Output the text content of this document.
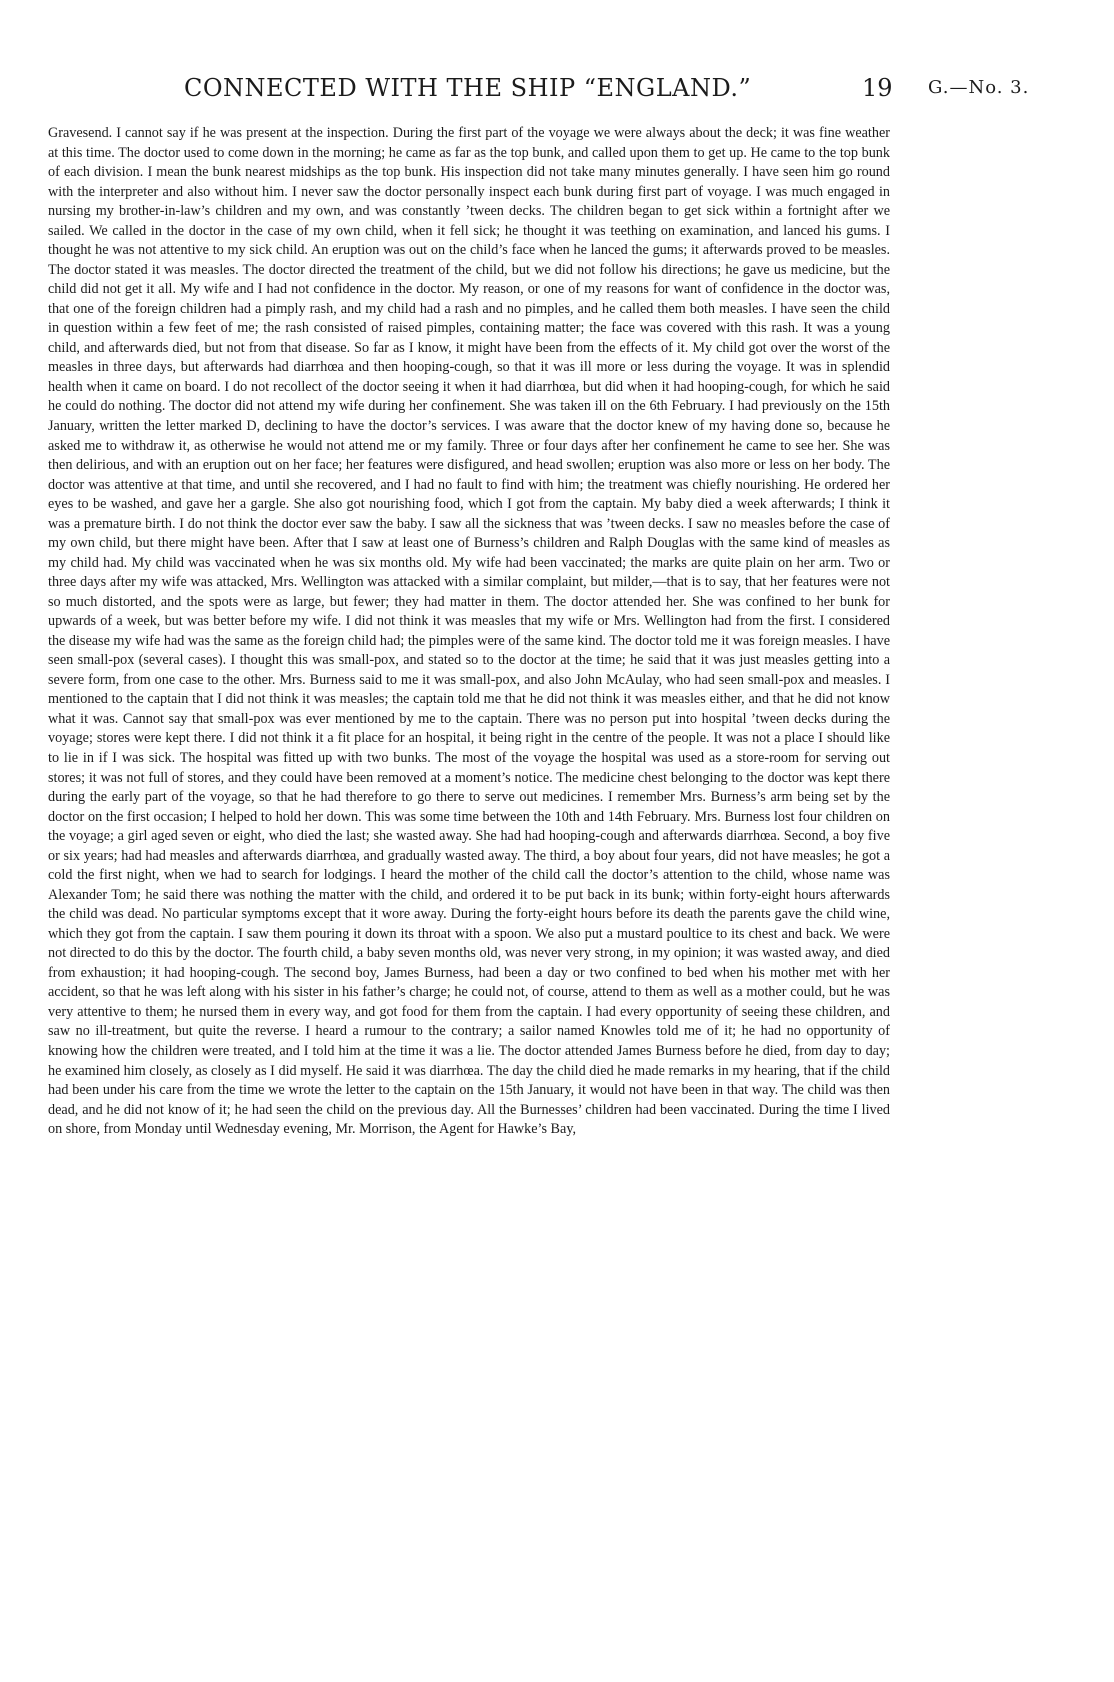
CONNECTED WITH THE SHIP “ENGLAND.”	19 G.—No. 3.

Gravesend. I cannot say if he was present at the inspection. During the first part of the voyage we were always about the deck; it was fine weather at this time. The doctor used to come down in the morning; he came as far as the top bunk, and called upon them to get up. He came to the top bunk of each division. I mean the bunk nearest midships as the top bunk. His inspection did not take many minutes generally. I have seen him go round with the interpreter and also without him. I never saw the doctor personally inspect each bunk during first part of voyage. I was much engaged in nursing my brother-in-law’s children and my own, and was constantly ’tween decks. The children began to get sick within a fortnight after we sailed. We called in the doctor in the case of my own child, when it fell sick; he thought it was teething on examination, and lanced his gums. I thought he was not attentive to my sick child. An eruption was out on the child’s face when he lanced the gums; it afterwards proved to be measles. The doctor stated it was measles. The doctor directed the treatment of the child, but we did not follow his directions; he gave us medicine, but the child did not get it all. My wife and I had not confidence in the doctor. My reason, or one of my reasons for want of confidence in the doctor was, that one of the foreign children had a pimply rash, and my child had a rash and no pimples, and he called them both measles. I have seen the child in question within a few feet of me; the rash consisted of raised pimples, containing matter; the face was covered with this rash. It was a young child, and afterwards died, but not from that disease. So far as I know, it might have been from the effects of it. My child got over the worst of the measles in three days, but afterwards had diarrhœa and then hooping-cough, so that it was ill more or less during the voyage. It was in splendid health when it came on board. I do not recollect of the doctor seeing it when it had diarrhœa, but did when it had hooping-cough, for which he said he could do nothing. The doctor did not attend my wife during her confinement. She was taken ill on the 6th February. I had previously on the 15th January, written the letter marked D, declining to have the doctor’s services. I was aware that the doctor knew of my having done so, because he asked me to withdraw it, as otherwise he would not attend me or my family. Three or four days after her confinement he came to see her. She was then delirious, and with an eruption out on her face; her features were disfigured, and head swollen; eruption was also more or less on her body. The doctor was attentive at that time, and until she recovered, and I had no fault to find with him; the treatment was chiefly nourishing. He ordered her eyes to be washed, and gave her a gargle. She also got nourishing food, which I got from the captain. My baby died a week afterwards; I think it was a premature birth. I do not think the doctor ever saw the baby. I saw all the sickness that was ’tween decks. I saw no measles before the case of my own child, but there might have been. After that I saw at least one of Burness’s children and Ralph Douglas with the same kind of measles as my child had. My child was vaccinated when he was six months old. My wife had been vaccinated; the marks are quite plain on her arm. Two or three days after my wife was attacked, Mrs. Wellington was attacked with a similar complaint, but milder,—that is to say, that her features were not so much distorted, and the spots were as large, but fewer; they had matter in them. The doctor attended her. She was confined to her bunk for upwards of a week, but was better before my wife. I did not think it was measles that my wife or Mrs. Wellington had from the first. I considered the disease my wife had was the same as the foreign child had; the pimples were of the same kind. The doctor told me it was foreign measles. I have seen small-pox (several cases). I thought this was small-pox, and stated so to the doctor at the time; he said that it was just measles getting into a severe form, from one case to the other. Mrs. Burness said to me it was small-pox, and also John McAulay, who had seen small-pox and measles. I mentioned to the captain that I did not think it was measles; the captain told me that he did not think it was measles either, and that he did not know what it was. Cannot say that small-pox was ever mentioned by me to the captain. There was no person put into hospital ’tween decks during the voyage; stores were kept there. I did not think it a fit place for an hospital, it being right in the centre of the people. It was not a place I should like to lie in if I was sick. The hospital was fitted up with two bunks. The most of the voyage the hospital was used as a store-room for serving out stores; it was not full of stores, and they could have been removed at a moment’s notice. The medicine chest belonging to the doctor was kept there during the early part of the voyage, so that he had therefore to go there to serve out medicines. I remember Mrs. Burness’s arm being set by the doctor on the first occasion; I helped to hold her down. This was some time between the 10th and 14th February. Mrs. Burness lost four children on the voyage; a girl aged seven or eight, who died the last; she wasted away. She had had hooping-cough and afterwards diarrhœa. Second, a boy five or six years; had had measles and afterwards diarrhœa, and gradually wasted away. The third, a boy about four years, did not have measles; he got a cold the first night, when we had to search for lodgings. I heard the mother of the child call the doctor’s attention to the child, whose name was Alexander Tom; he said there was nothing the matter with the child, and ordered it to be put back in its bunk; within forty-eight hours afterwards the child was dead. No particular symptoms except that it wore away. During the forty-eight hours before its death the parents gave the child wine, which they got from the captain. I saw them pouring it down its throat with a spoon. We also put a mustard poultice to its chest and back. We were not directed to do this by the doctor. The fourth child, a baby seven months old, was never very strong, in my opinion; it was wasted away, and died from exhaustion; it had hooping-cough. The second boy, James Burness, had been a day or two confined to bed when his mother met with her accident, so that he was left along with his sister in his father’s charge; he could not, of course, attend to them as well as a mother could, but he was very attentive to them; he nursed them in every way, and got food for them from the captain. I had every opportunity of seeing these children, and saw no ill-treatment, but quite the reverse. I heard a rumour to the contrary; a sailor named Knowles told me of it; he had no opportunity of knowing how the children were treated, and I told him at the time it was a lie. The doctor attended James Burness before he died, from day to day; he examined him closely, as closely as I did myself. He said it was diarrhœa. The day the child died he made remarks in my hearing, that if the child had been under his care from the time we wrote the letter to the captain on the 15th January, it would not have been in that way. The child was then dead, and he did not know of it; he had seen the child on the previous day. All the Burnesses’ children had been vaccinated. During the time I lived on shore, from Monday until Wednesday evening, Mr. Morrison, the Agent for Hawke’s Bay,
